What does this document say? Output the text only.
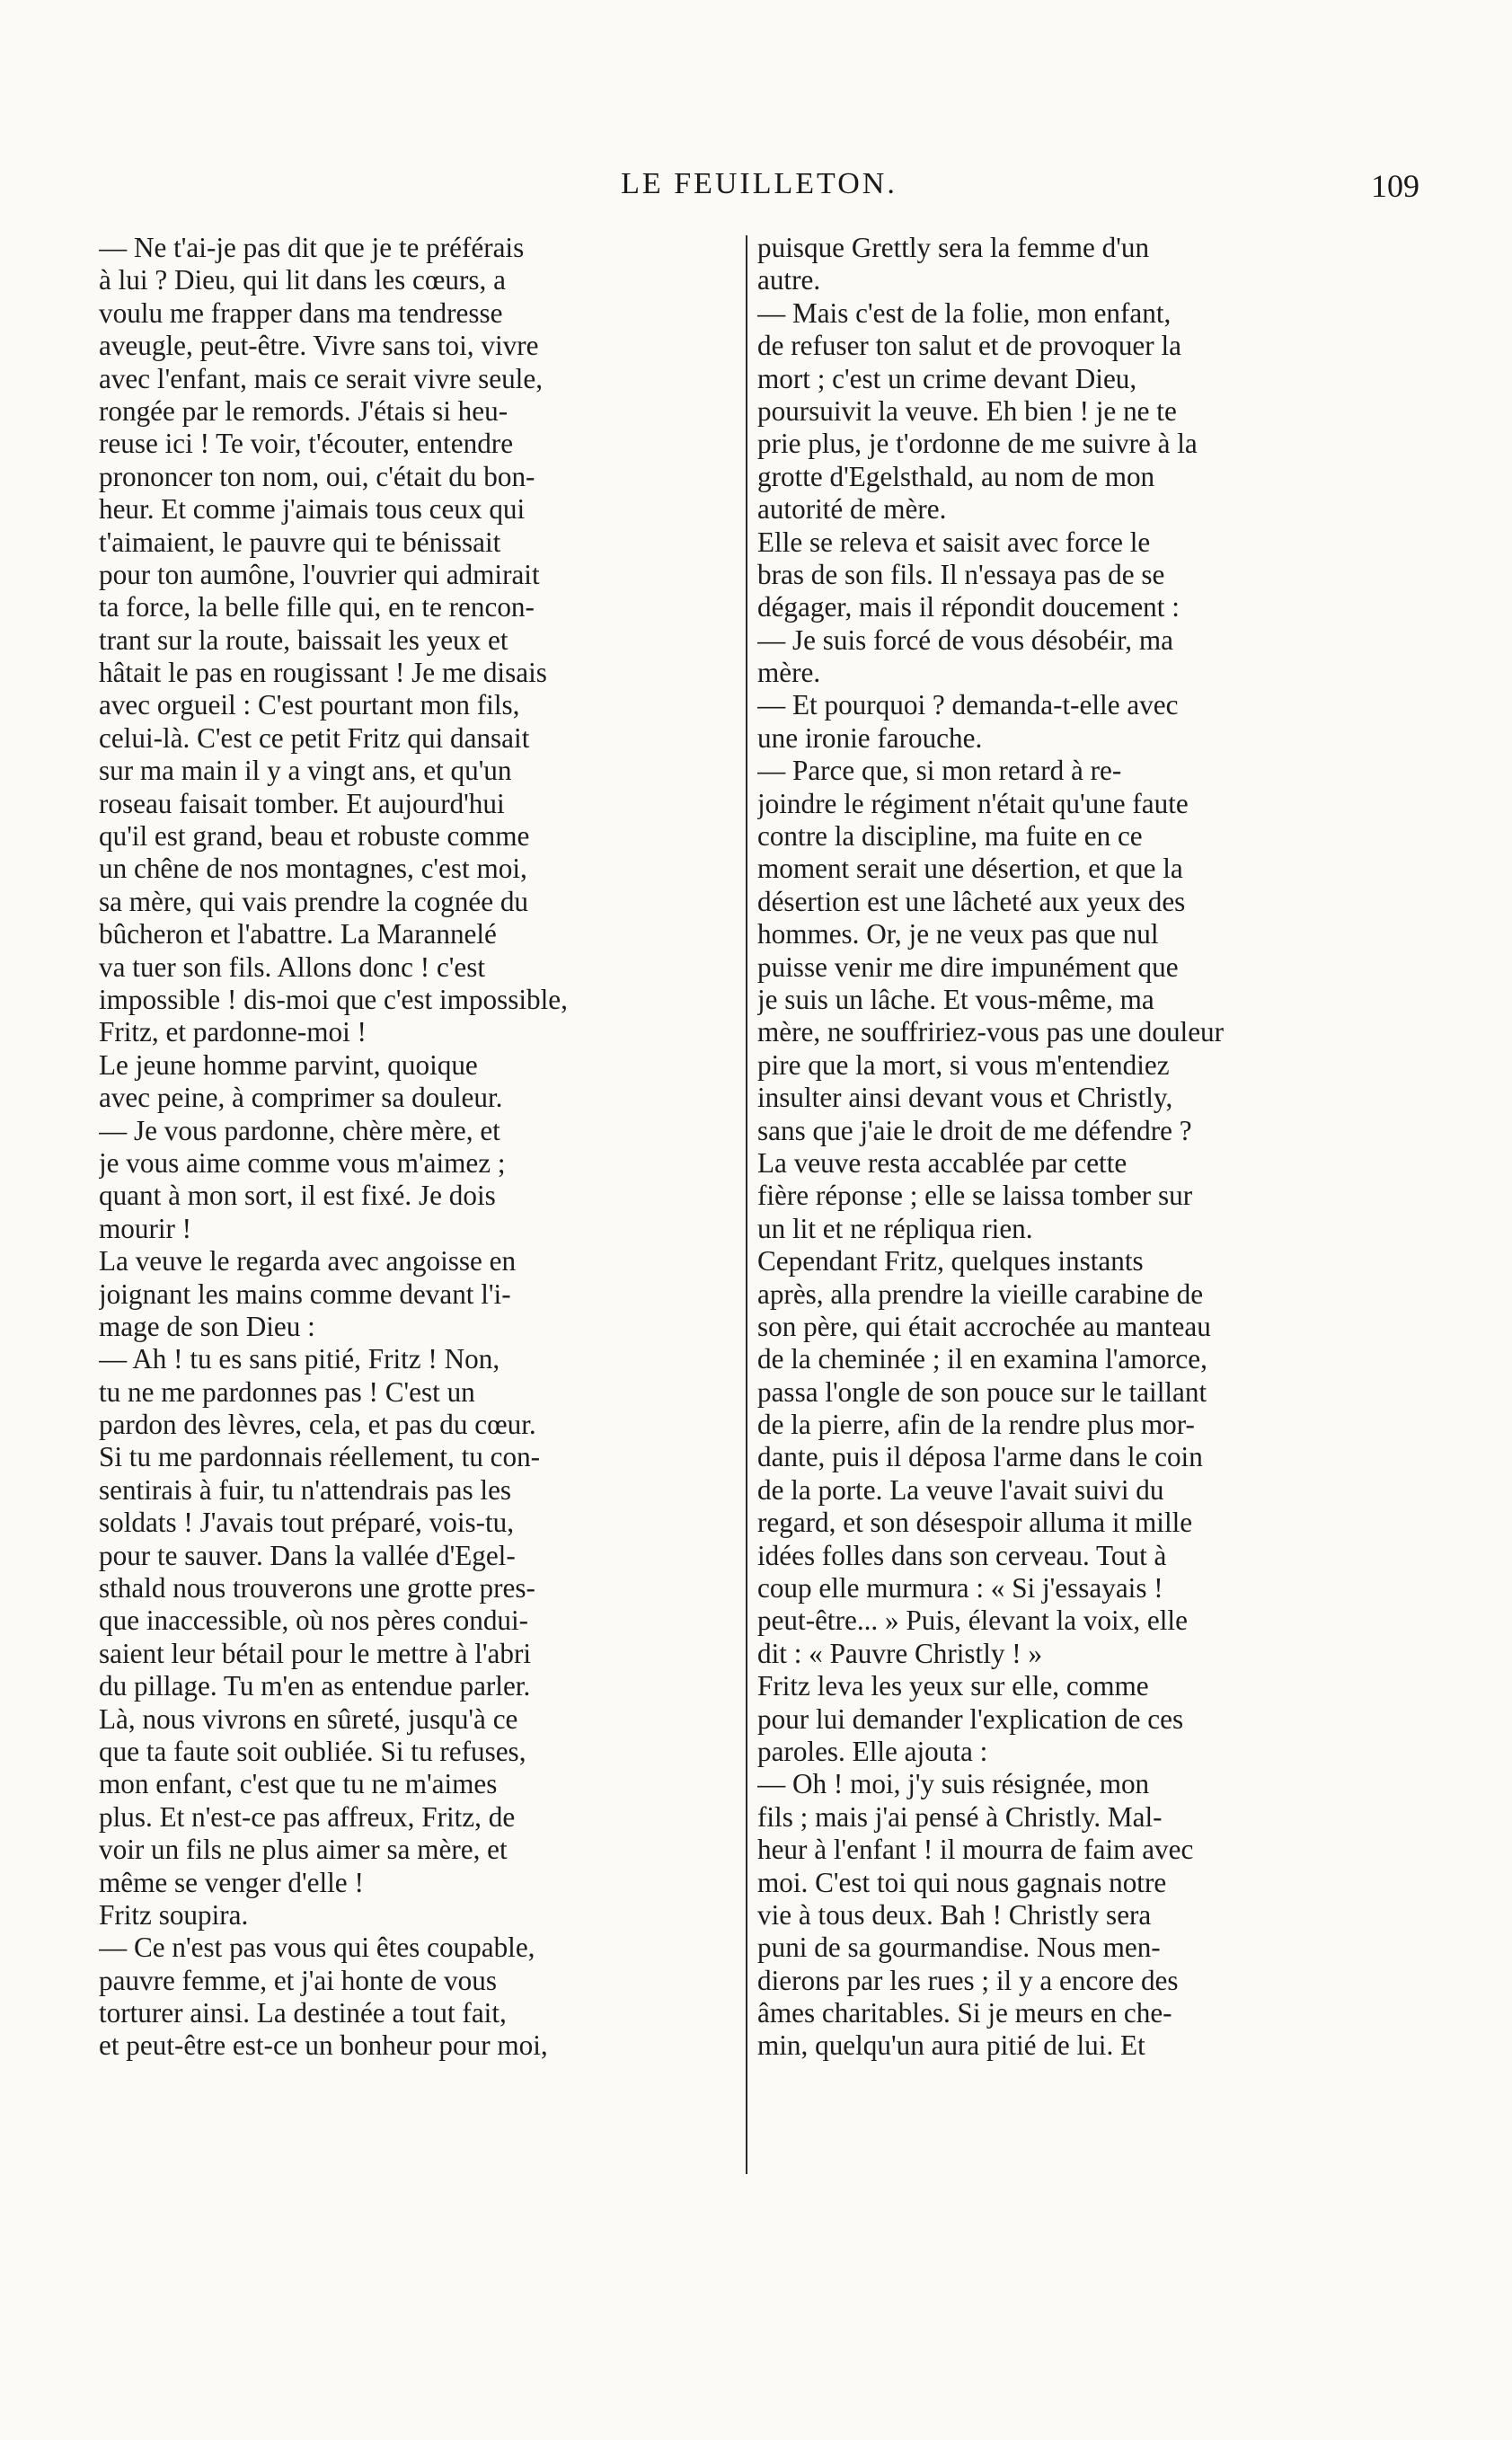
LE FEUILLETON.	109
— Ne t'ai-je pas dit que je te préférais
à lui ? Dieu, qui lit dans les cœurs, a
voulu me frapper dans ma tendresse
aveugle, peut-être. Vivre sans toi, vivre
avec l'enfant, mais ce serait vivre seule,
rongée par le remords. J'étais si heu-
reuse ici ! Te voir, t'écouter, entendre
prononcer ton nom, oui, c'était du bon-
heur. Et comme j'aimais tous ceux qui
t'aimaient, le pauvre qui te bénissait
pour ton aumône, l'ouvrier qui admirait
ta force, la belle fille qui, en te rencon-
trant sur la route, baissait les yeux et
hâtait le pas en rougissant ! Je me disais
avec orgueil : C'est pourtant mon fils,
celui-là. C'est ce petit Fritz qui dansait
sur ma main il y a vingt ans, et qu'un
roseau faisait tomber. Et aujourd'hui
qu'il est grand, beau et robuste comme
un chêne de nos montagnes, c'est moi,
sa mère, qui vais prendre la cognée du
bûcheron et l'abattre. La Marannelé
va tuer son fils. Allons donc ! c'est
impossible ! dis-moi que c'est impossible,
Fritz, et pardonne-moi !
Le jeune homme parvint, quoique
avec peine, à comprimer sa douleur.
— Je vous pardonne, chère mère, et
je vous aime comme vous m'aimez ;
quant à mon sort, il est fixé. Je dois
mourir !
La veuve le regarda avec angoisse en
joignant les mains comme devant l'i-
mage de son Dieu :
— Ah ! tu es sans pitié, Fritz ! Non,
tu ne me pardonnes pas ! C'est un
pardon des lèvres, cela, et pas du cœur.
Si tu me pardonnais réellement, tu con-
sentirais à fuir, tu n'attendrais pas les
soldats ! J'avais tout préparé, vois-tu,
pour te sauver. Dans la vallée d'Egel-
sthald nous trouverons une grotte pres-
que inaccessible, où nos pères condui-
saient leur bétail pour le mettre à l'abri
du pillage. Tu m'en as entendue parler.
Là, nous vivrons en sûreté, jusqu'à ce
que ta faute soit oubliée. Si tu refuses,
mon enfant, c'est que tu ne m'aimes
plus. Et n'est-ce pas affreux, Fritz, de
voir un fils ne plus aimer sa mère, et
même se venger d'elle !
Fritz soupira.
— Ce n'est pas vous qui êtes coupable,
pauvre femme, et j'ai honte de vous
torturer ainsi. La destinée a tout fait,
et peut-être est-ce un bonheur pour moi,
puisque Grettly sera la femme d'un
autre.
— Mais c'est de la folie, mon enfant,
de refuser ton salut et de provoquer la
mort ; c'est un crime devant Dieu,
poursuivit la veuve. Eh bien ! je ne te
prie plus, je t'ordonne de me suivre à la
grotte d'Egelsthald, au nom de mon
autorité de mère.
Elle se releva et saisit avec force le
bras de son fils. Il n'essaya pas de se
dégager, mais il répondit doucement :
— Je suis forcé de vous désobéir, ma
mère.
— Et pourquoi ? demanda-t-elle avec
une ironie farouche.
— Parce que, si mon retard à re-
joindre le régiment n'était qu'une faute
contre la discipline, ma fuite en ce
moment serait une désertion, et que la
désertion est une lâcheté aux yeux des
hommes. Or, je ne veux pas que nul
puisse venir me dire impunément que
je suis un lâche. Et vous-même, ma
mère, ne souffririez-vous pas une douleur
pire que la mort, si vous m'entendiez
insulter ainsi devant vous et Christly,
sans que j'aie le droit de me défendre ?
La veuve resta accablée par cette
fière réponse ; elle se laissa tomber sur
un lit et ne répliqua rien.
Cependant Fritz, quelques instants
après, alla prendre la vieille carabine de
son père, qui était accrochée au manteau
de la cheminée ; il en examina l'amorce,
passa l'ongle de son pouce sur le taillant
de la pierre, afin de la rendre plus mor-
dante, puis il déposa l'arme dans le coin
de la porte. La veuve l'avait suivi du
regard, et son désespoir alluma it mille
idées folles dans son cerveau. Tout à
coup elle murmura : « Si j'essayais !
peut-être... » Puis, élevant la voix, elle
dit : « Pauvre Christly ! »
Fritz leva les yeux sur elle, comme
pour lui demander l'explication de ces
paroles. Elle ajouta :
— Oh ! moi, j'y suis résignée, mon
fils ; mais j'ai pensé à Christly. Mal-
heur à l'enfant ! il mourra de faim avec
moi. C'est toi qui nous gagnais notre
vie à tous deux. Bah ! Christly sera
puni de sa gourmandise. Nous men-
dierons par les rues ; il y a encore des
âmes charitables. Si je meurs en che-
min, quelqu'un aura pitié de lui. Et
